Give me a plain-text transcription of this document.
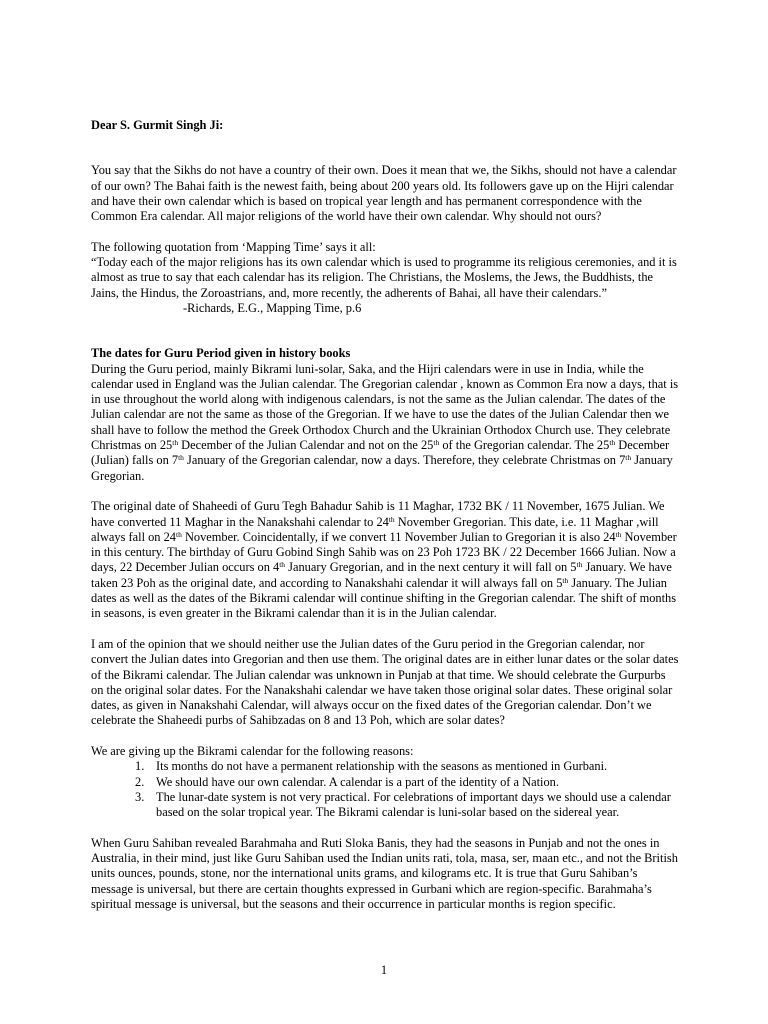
Dear S. Gurmit Singh Ji:

You say that the Sikhs do not have a country of their own. Does it mean that we, the Sikhs, should not have a calendar of our own? The Bahai faith is the newest faith, being about 200 years old. Its followers gave up on the Hijri calendar and have their own calendar which is based on tropical year length and has permanent correspondence with the Common Era calendar. All major religions of the world have their own calendar. Why should not ours?

The following quotation from ‘Mapping Time’ says it all:
“Today each of the major religions has its own calendar which is used to programme its religious ceremonies, and it is almost as true to say that each calendar has its religion. The Christians, the Moslems, the Jews, the Buddhists, the Jains, the Hindus, the Zoroastrians, and, more recently, the adherents of Bahai, all have their calendars.”
-Richards, E.G., Mapping Time, p.6
The dates for Guru Period given in history books

During the Guru period, mainly Bikrami luni-solar, Saka, and the Hijri calendars were in use in India, while the calendar used in England was the Julian calendar. The Gregorian calendar , known as Common Era now a days, that is in use throughout the world along with indigenous calendars, is not the same as the Julian calendar. The dates of the Julian calendar are not the same as those of the Gregorian. If we have to use the dates of the Julian Calendar then we shall have to follow the method the Greek Orthodox Church and the Ukrainian Orthodox Church use. They celebrate Christmas on 25th December of the Julian Calendar and not on the 25th of the Gregorian calendar. The 25th December (Julian) falls on 7th January of the Gregorian calendar, now a days. Therefore, they celebrate Christmas on 7th January Gregorian.

The original date of Shaheedi of Guru Tegh Bahadur Sahib is 11 Maghar, 1732 BK / 11 November, 1675 Julian. We have converted 11 Maghar in the Nanakshahi calendar to 24th November Gregorian. This date, i.e. 11 Maghar ,will always fall on 24th November. Coincidentally, if we convert 11 November Julian to Gregorian it is also 24th November in this century. The birthday of Guru Gobind Singh Sahib was on 23 Poh 1723 BK / 22 December 1666 Julian. Now a days, 22 December Julian occurs on 4th January Gregorian, and in the next century it will fall on 5th January. We have taken 23 Poh as the original date, and according to Nanakshahi calendar it will always fall on 5th January. The Julian dates as well as the dates of the Bikrami calendar will continue shifting in the Gregorian calendar. The shift of months in seasons, is even greater in the Bikrami calendar than it is in the Julian calendar.

I am of the opinion that we should neither use the Julian dates of the Guru period in the Gregorian calendar, nor convert the Julian dates into Gregorian and then use them. The original dates are in either lunar dates or the solar dates of the Bikrami calendar. The Julian calendar was unknown in Punjab at that time. We should celebrate the Gurpurbs on the original solar dates. For the Nanakshahi calendar we have taken those original solar dates. These original solar dates, as given in Nanakshahi Calendar, will always occur on the fixed dates of the Gregorian calendar. Don’t we celebrate the Shaheedi purbs of Sahibzadas on 8 and 13 Poh, which are solar dates?

We are giving up the Bikrami calendar for the following reasons:
1. Its months do not have a permanent relationship with the seasons as mentioned in Gurbani.
2. We should have our own calendar. A calendar is a part of the identity of a Nation.
3. The lunar-date system is not very practical. For celebrations of important days we should use a calendar based on the solar tropical year. The Bikrami calendar is luni-solar based on the sidereal year.

When Guru Sahiban revealed Barahmaha and Ruti Sloka Banis, they had the seasons in Punjab and not the ones in Australia, in their mind, just like Guru Sahiban used the Indian units rati, tola, masa, ser, maan etc., and not the British units ounces, pounds, stone, nor the international units grams, and kilograms etc. It is true that Guru Sahiban’s message is universal, but there are certain thoughts expressed in Gurbani which are region-specific. Barahmaha’s spiritual message is universal, but the seasons and their occurrence in particular months is region specific.

1
